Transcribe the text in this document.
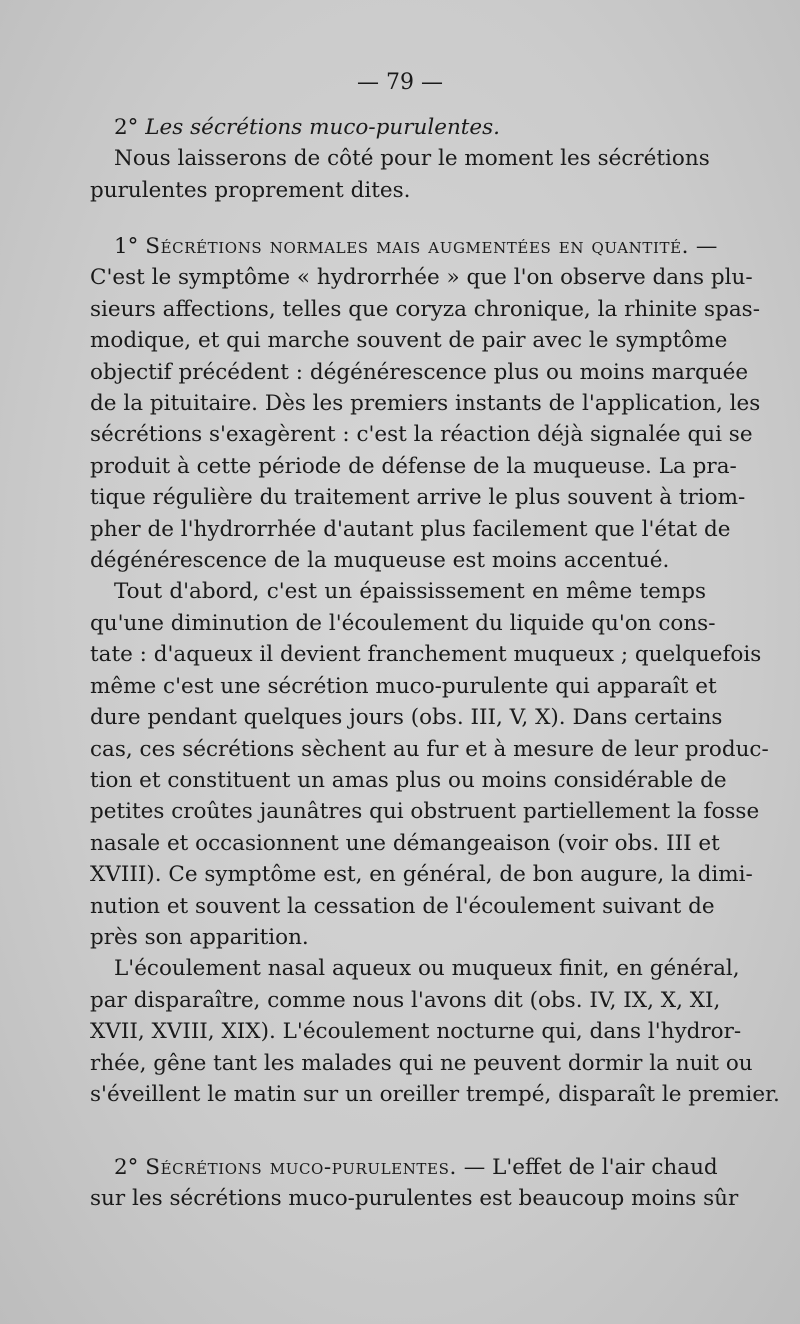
— 79 —
2° Les sécrétions muco-purulentes.
Nous laisserons de côté pour le moment les sécrétions
purulentes proprement dites.
1° Sécrétions normales mais augmentées en quantité. —
C'est le symptôme « hydrorrhée » que l'on observe dans plu-
sieurs affections, telles que coryza chronique, la rhinite spas-
modique, et qui marche souvent de pair avec le symptôme
objectif précédent : dégénérescence plus ou moins marquée
de la pituitaire. Dès les premiers instants de l'application, les
sécrétions s'exagèrent : c'est la réaction déjà signalée qui se
produit à cette période de défense de la muqueuse. La pra-
tique régulière du traitement arrive le plus souvent à triom-
pher de l'hydrorrhée d'autant plus facilement que l'état de
dégénérescence de la muqueuse est moins accentué.
Tout d'abord, c'est un épaississement en même temps
qu'une diminution de l'écoulement du liquide qu'on cons-
tate : d'aqueux il devient franchement muqueux ; quelquefois
même c'est une sécrétion muco-purulente qui apparaît et
dure pendant quelques jours (obs. III, V, X). Dans certains
cas, ces sécrétions sèchent au fur et à mesure de leur produc-
tion et constituent un amas plus ou moins considérable de
petites croûtes jaunâtres qui obstruent partiellement la fosse
nasale et occasionnent une démangeaison (voir obs. III et
XVIII). Ce symptôme est, en général, de bon augure, la dimi-
nution et souvent la cessation de l'écoulement suivant de
près son apparition.
L'écoulement nasal aqueux ou muqueux finit, en général,
par disparaître, comme nous l'avons dit (obs. IV, IX, X, XI,
XVII, XVIII, XIX). L'écoulement nocturne qui, dans l'hydror-
rhée, gêne tant les malades qui ne peuvent dormir la nuit ou
s'éveillent le matin sur un oreiller trempé, disparaît le premier.
2° Sécrétions muco-purulentes. — L'effet de l'air chaud
sur les sécrétions muco-purulentes est beaucoup moins sûr
